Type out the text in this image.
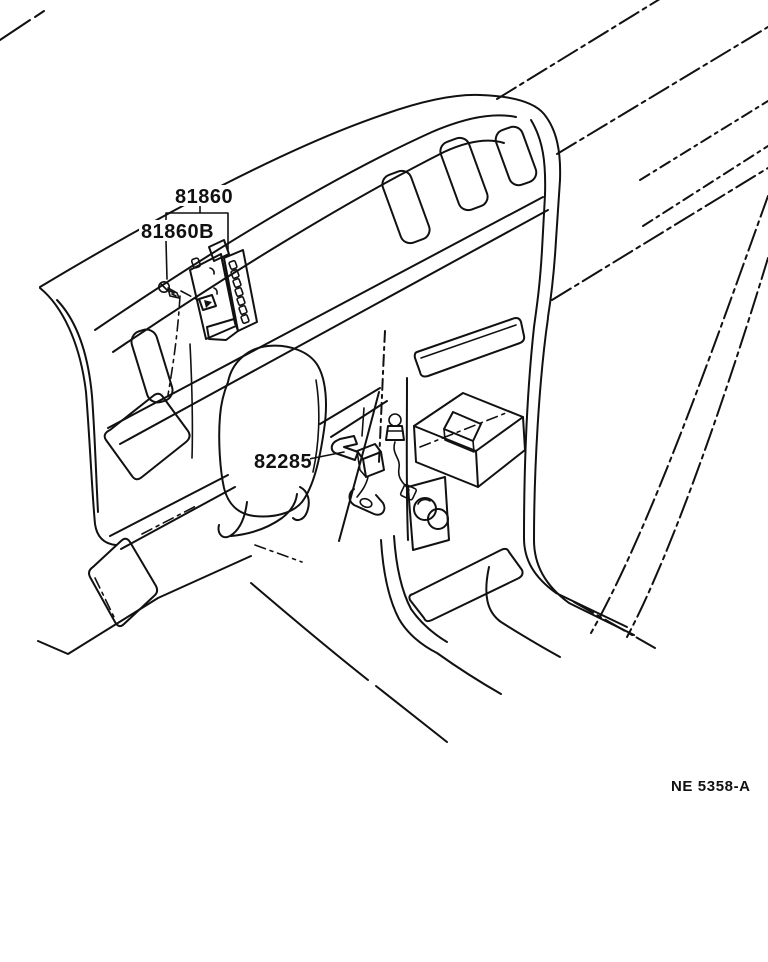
81860
81860B
82285
NE 5358-A
